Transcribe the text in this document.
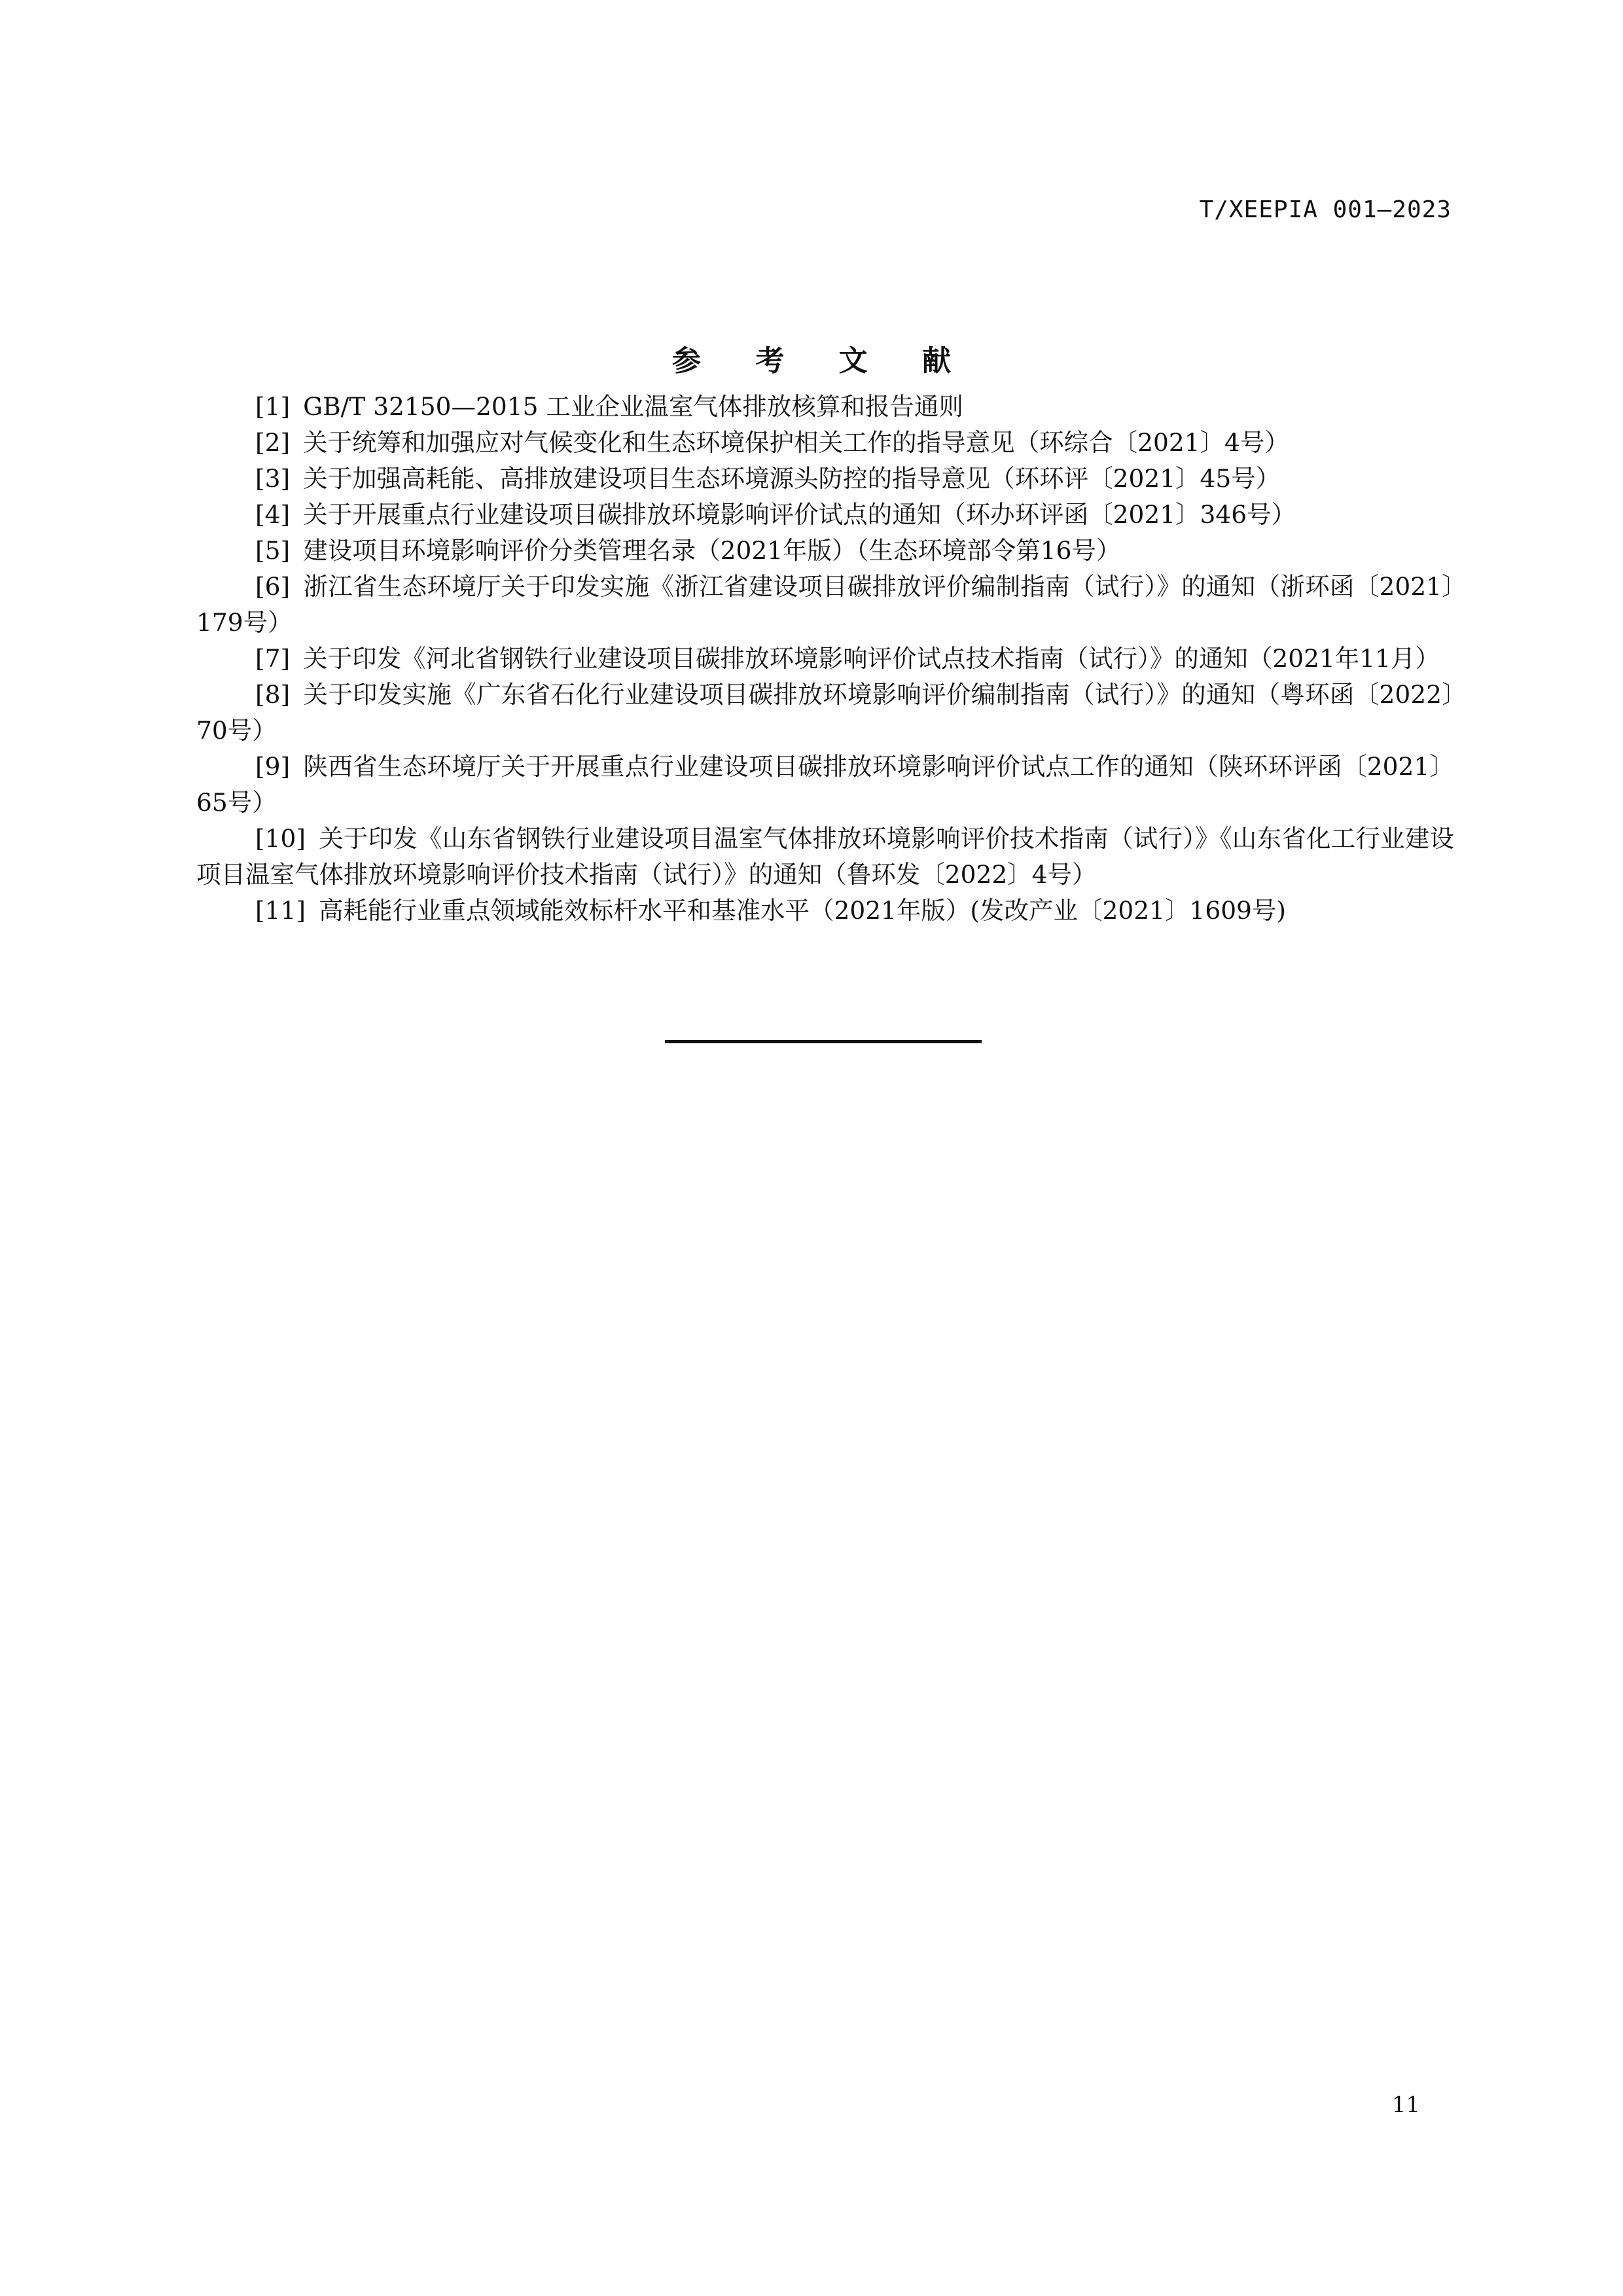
T/XEEPIA 001—2023
参 考 文 献
[1] GB/T 32150—2015 工业企业温室气体排放核算和报告通则
[2] 关于统筹和加强应对气候变化和生态环境保护相关工作的指导意见（环综合〔2021〕4号）
[3] 关于加强高耗能、高排放建设项目生态环境源头防控的指导意见（环环评〔2021〕45号）
[4] 关于开展重点行业建设项目碳排放环境影响评价试点的通知（环办环评函〔2021〕346号）
[5] 建设项目环境影响评价分类管理名录（2021年版）（生态环境部令第16号）
[6] 浙江省生态环境厅关于印发实施《浙江省建设项目碳排放评价编制指南（试行）》的通知（浙环函〔2021〕179号）
[7] 关于印发《河北省钢铁行业建设项目碳排放环境影响评价试点技术指南（试行）》的通知（2021年11月）
[8] 关于印发实施《广东省石化行业建设项目碳排放环境影响评价编制指南（试行）》的通知（粤环函〔2022〕70号）
[9] 陕西省生态环境厅关于开展重点行业建设项目碳排放环境影响评价试点工作的通知（陕环环评函〔2021〕65号）
[10] 关于印发《山东省钢铁行业建设项目温室气体排放环境影响评价技术指南（试行）》《山东省化工行业建设项目温室气体排放环境影响评价技术指南（试行）》的通知（鲁环发〔2022〕4号）
[11] 高耗能行业重点领域能效标杆水平和基准水平（2021年版）(发改产业〔2021〕1609号)
11
